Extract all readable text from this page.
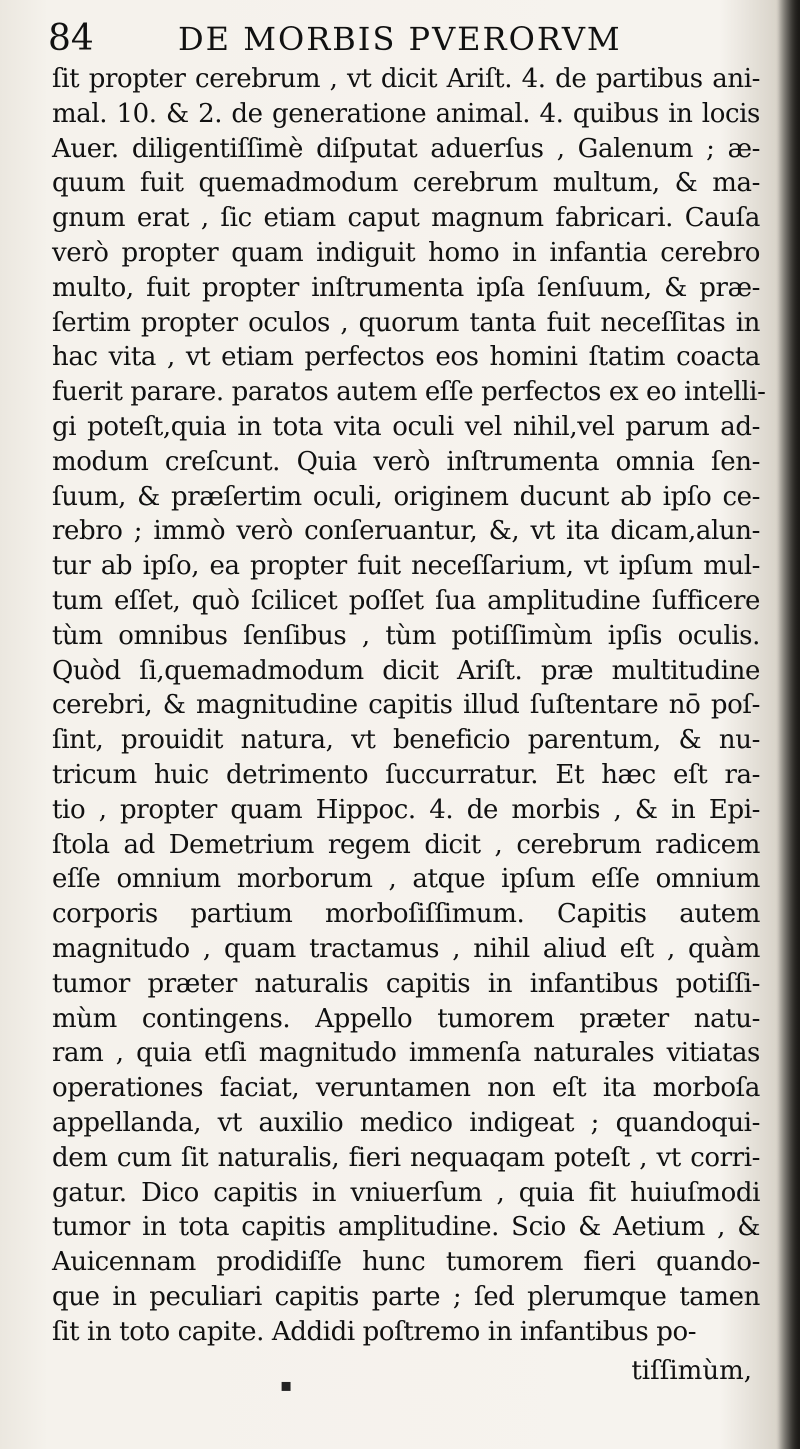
84	DE MORBIS PVERORVM
ſit propter cerebrum , vt dicit Ariſt. 4. de partibus ani-
mal. 10. & 2. de generatione animal. 4. quibus in locis
Auer. diligentiſſimè diſputat aduerſus , Galenum ; æ-
quum fuit quemadmodum cerebrum multum, & ma-
gnum erat , ſic etiam caput magnum fabricari. Cauſa
verò propter quam indiguit homo in infantia cerebro
multo, fuit propter inſtrumenta ipſa ſenſuum, & præ-
ſertim propter oculos , quorum tanta fuit neceſſitas in
hac vita , vt etiam perfectos eos homini ſtatim coacta
fuerit parare. paratos autem eſſe perfectos ex eo intelli-
gi poteſt,quia in tota vita oculi vel nihil,vel parum ad-
modum creſcunt. Quia verò inſtrumenta omnia ſen-
ſuum, & præſertim oculi, originem ducunt ab ipſo ce-
rebro ; immò verò conſeruantur, &, vt ita dicam,alun-
tur ab ipſo, ea propter fuit neceſſarium, vt ipſum mul-
tum eſſet, quò ſcilicet poſſet ſua amplitudine ſufficere
tùm omnibus ſenſibus , tùm potiſſimùm ipſis oculis.
Quòd ſi,quemadmodum dicit Ariſt. præ multitudine
cerebri, & magnitudine capitis illud ſuſtentare nō poſ-
ſint, prouidit natura, vt beneficio parentum, & nu-
tricum huic detrimento ſuccurratur. Et hæc eſt ra-
tio , propter quam Hippoc. 4. de morbis , & in Epi-
ſtola ad Demetrium regem dicit , cerebrum radicem
eſſe omnium morborum , atque ipſum eſſe omnium
corporis partium morboſiſſimum. Capitis autem
magnitudo , quam tractamus , nihil aliud eſt , quàm
tumor præter naturalis capitis in infantibus potiſſi-
mùm contingens. Appello tumorem præter natu-
ram , quia etſi magnitudo immenſa naturales vitiatas
operationes faciat, veruntamen non eſt ita morboſa
appellanda, vt auxilio medico indigeat ; quandoqui-
dem cum ſit naturalis, fieri nequaqam poteſt , vt corri-
gatur. Dico capitis in vniuerſum , quia fit huiuſmodi
tumor in tota capitis amplitudine. Scio & Aetium , &
Auicennam prodidiſſe hunc tumorem fieri quando-
que in peculiari capitis parte ; ſed plerumque tamen
ſit in toto capite. Addidi poſtremo in infantibus po-
tiſſimùm,
▪
